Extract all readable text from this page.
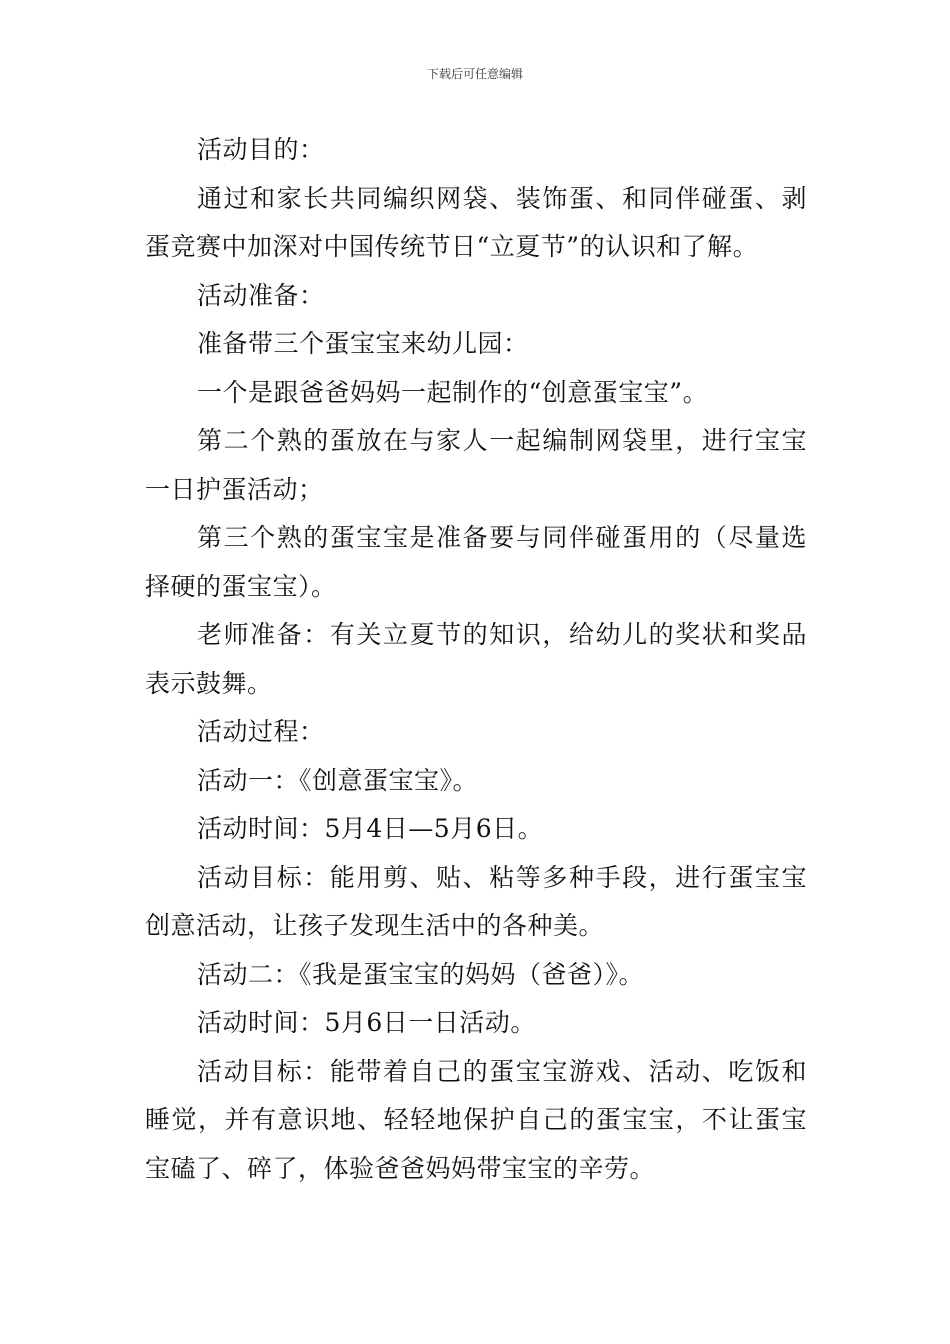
下载后可任意编辑

活动目的：

通过和家长共同编织网袋、装饰蛋、和同伴碰蛋、剥蛋竞赛中加深对中国传统节日“立夏节”的认识和了解。

活动准备：

准备带三个蛋宝宝来幼儿园：

一个是跟爸爸妈妈一起制作的“创意蛋宝宝”。

第二个熟的蛋放在与家人一起编制网袋里，进行宝宝一日护蛋活动；

第三个熟的蛋宝宝是准备要与同伴碰蛋用的（尽量选择硬的蛋宝宝）。

老师准备：有关立夏节的知识，给幼儿的奖状和奖品表示鼓舞。

活动过程：

活动一：《创意蛋宝宝》。

活动时间：5月4日—5月6日。

活动目标：能用剪、贴、粘等多种手段，进行蛋宝宝创意活动，让孩子发现生活中的各种美。

活动二：《我是蛋宝宝的妈妈（爸爸）》。

活动时间：5月6日一日活动。

活动目标：能带着自己的蛋宝宝游戏、活动、吃饭和睡觉，并有意识地、轻轻地保护自己的蛋宝宝，不让蛋宝宝磕了、碎了，体验爸爸妈妈带宝宝的辛劳。
